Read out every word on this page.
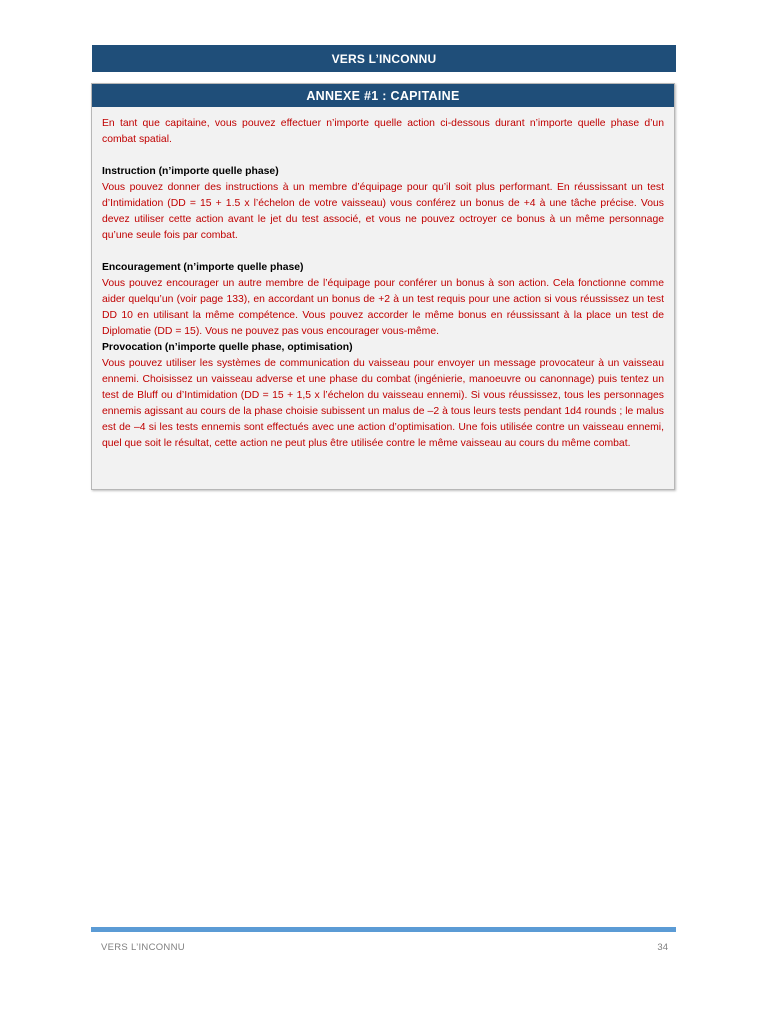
VERS L’INCONNU
ANNEXE #1 : CAPITAINE

En tant que capitaine, vous pouvez effectuer n’importe quelle action ci-dessous durant n’importe quelle phase d’un combat spatial.

Instruction (n’importe quelle phase)

Vous pouvez donner des instructions à un membre d’équipage pour qu’il soit plus performant. En réussissant un test d’Intimidation (DD = 15 + 1.5 x l’échelon de votre vaisseau) vous conférez un bonus de +4 à une tâche précise. Vous devez utiliser cette action avant le jet du test associé, et vous ne pouvez octroyer ce bonus à un même personnage qu’une seule fois par combat.

Encouragement (n’importe quelle phase)

Vous pouvez encourager un autre membre de l’équipage pour conférer un bonus à son action. Cela fonctionne comme aider quelqu’un (voir page 133), en accordant un bonus de +2 à un test requis pour une action si vous réussissez un test DD 10 en utilisant la même compétence. Vous pouvez accorder le même bonus en réussissant à la place un test de Diplomatie (DD = 15). Vous ne pouvez pas vous encourager vous-même.

Provocation (n’importe quelle phase, optimisation)

Vous pouvez utiliser les systèmes de communication du vaisseau pour envoyer un message provocateur à un vaisseau ennemi. Choisissez un vaisseau adverse et une phase du combat (ingénierie, manoeuvre ou canonnage) puis tentez un test de Bluff ou d’Intimidation (DD = 15 + 1,5 x l’échelon du vaisseau ennemi). Si vous réussissez, tous les personnages ennemis agissant au cours de la phase choisie subissent un malus de –2 à tous leurs tests pendant 1d4 rounds ; le malus est de –4 si les tests ennemis sont effectués avec une action d’optimisation. Une fois utilisée contre un vaisseau ennemi, quel que soit le résultat, cette action ne peut plus être utilisée contre le même vaisseau au cours du même combat.

VERS L’INCONNU	34
